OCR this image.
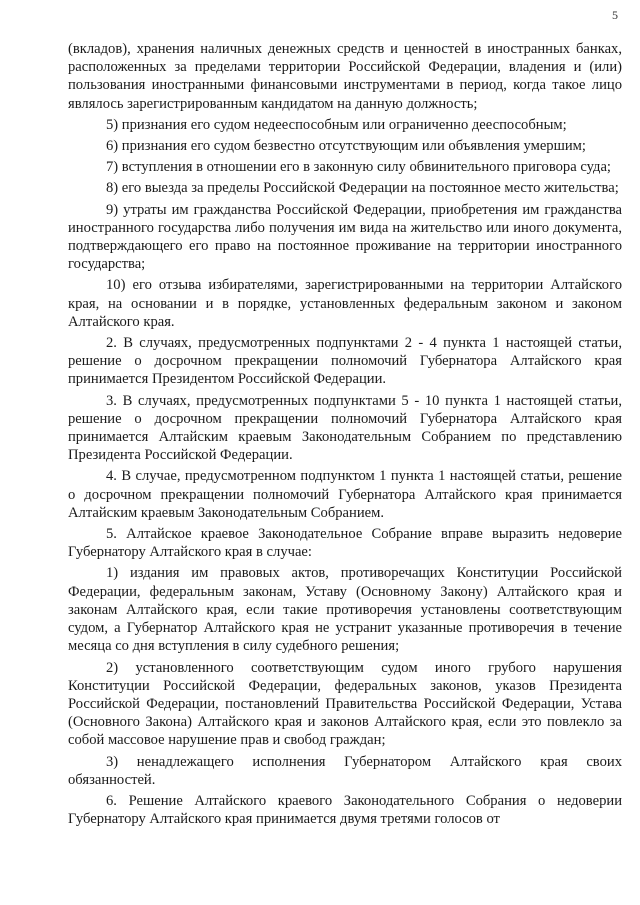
5

(вкладов), хранения наличных денежных средств и ценностей в иностранных банках, расположенных за пределами территории Российской Федерации, владения и (или) пользования иностранными финансовыми инструментами в период, когда такое лицо являлось зарегистрированным кандидатом на данную должность;

5) признания его судом недееспособным или ограниченно дееспособным;

6) признания его судом безвестно отсутствующим или объявления умершим;

7) вступления в отношении его в законную силу обвинительного приговора суда;

8) его выезда за пределы Российской Федерации на постоянное место жительства;

9) утраты им гражданства Российской Федерации, приобретения им гражданства иностранного государства либо получения им вида на жительство или иного документа, подтверждающего его право на постоянное проживание на территории иностранного государства;

10) его отзыва избирателями, зарегистрированными на территории Алтайского края, на основании и в порядке, установленных федеральным законом и законом Алтайского края.

2. В случаях, предусмотренных подпунктами 2 - 4 пункта 1 настоящей статьи, решение о досрочном прекращении полномочий Губернатора Алтайского края принимается Президентом Российской Федерации.

3. В случаях, предусмотренных подпунктами 5 - 10 пункта 1 настоящей статьи, решение о досрочном прекращении полномочий Губернатора Алтайского края принимается Алтайским краевым Законодательным Собранием по представлению Президента Российской Федерации.

4. В случае, предусмотренном подпунктом 1 пункта 1 настоящей статьи, решение о досрочном прекращении полномочий Губернатора Алтайского края принимается Алтайским краевым Законодательным Собранием.

5. Алтайское краевое Законодательное Собрание вправе выразить недоверие Губернатору Алтайского края в случае:

1) издания им правовых актов, противоречащих Конституции Российской Федерации, федеральным законам, Уставу (Основному Закону) Алтайского края и законам Алтайского края, если такие противоречия установлены соответствующим судом, а Губернатор Алтайского края не устранит указанные противоречия в течение месяца со дня вступления в силу судебного решения;

2) установленного соответствующим судом иного грубого нарушения Конституции Российской Федерации, федеральных законов, указов Президента Российской Федерации, постановлений Правительства Российской Федерации, Устава (Основного Закона) Алтайского края и законов Алтайского края, если это повлекло за собой массовое нарушение прав и свобод граждан;

3) ненадлежащего исполнения Губернатором Алтайского края своих обязанностей.

6. Решение Алтайского краевого Законодательного Собрания о недоверии Губернатору Алтайского края принимается двумя третями голосов от
